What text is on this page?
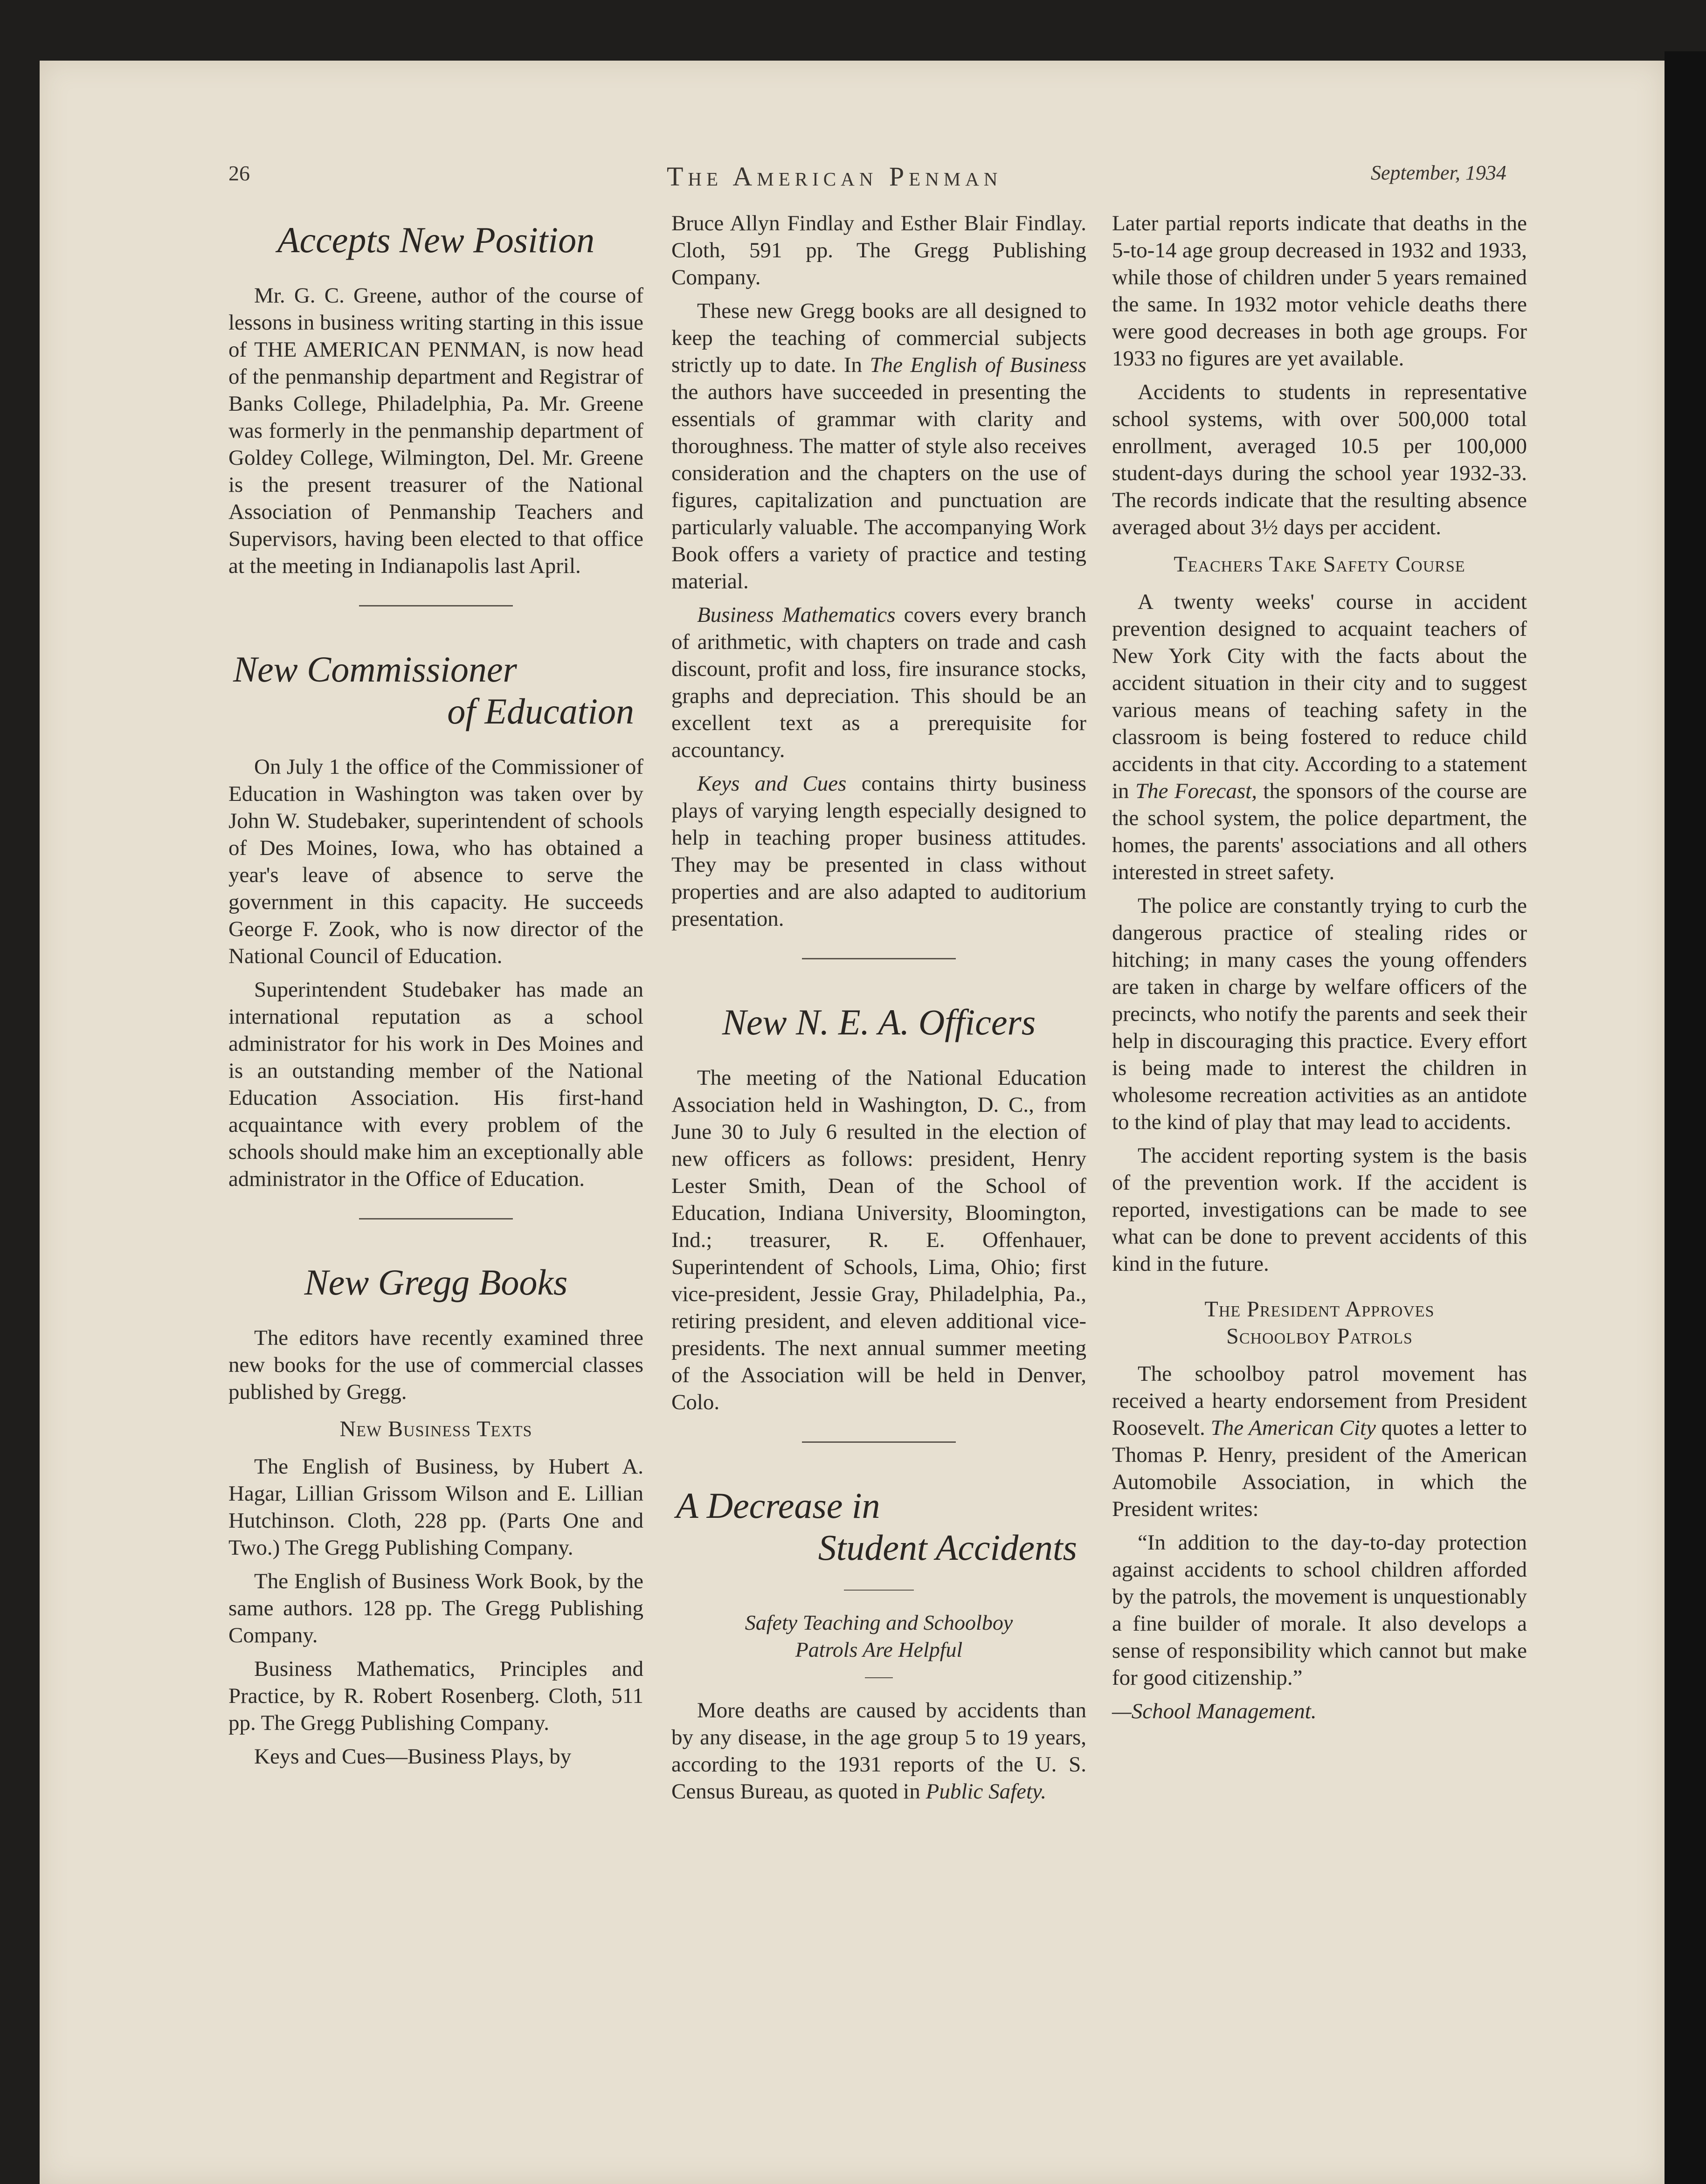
26	The American Penman	September, 1934
Accepts New Position

Mr. G. C. Greene, author of the course of lessons in business writing starting in this issue of THE AMERICAN PENMAN, is now head of the penmanship department and Registrar of Banks College, Philadelphia, Pa. Mr. Greene was formerly in the penmanship department of Goldey College, Wilmington, Del. Mr. Greene is the present treasurer of the National Association of Penmanship Teachers and Supervisors, having been elected to that office at the meeting in Indianapolis last April.

New Commissioner
of Education

On July 1 the office of the Commissioner of Education in Washington was taken over by John W. Studebaker, superintendent of schools of Des Moines, Iowa, who has obtained a year's leave of absence to serve the government in this capacity. He succeeds George F. Zook, who is now director of the National Council of Education.

Superintendent Studebaker has made an international reputation as a school administrator for his work in Des Moines and is an outstanding member of the National Education Association. His first-hand acquaintance with every problem of the schools should make him an exceptionally able administrator in the Office of Education.

New Gregg Books

The editors have recently examined three new books for the use of commercial classes published by Gregg.

New Business Texts

The English of Business, by Hubert A. Hagar, Lillian Grissom Wilson and E. Lillian Hutchinson. Cloth, 228 pp. (Parts One and Two.) The Gregg Publishing Company.

The English of Business Work Book, by the same authors. 128 pp. The Gregg Publishing Company.

Business Mathematics, Principles and Practice, by R. Robert Rosenberg. Cloth, 511 pp. The Gregg Publishing Company.

Keys and Cues—Business Plays, by

Bruce Allyn Findlay and Esther Blair Findlay. Cloth, 591 pp. The Gregg Publishing Company.

These new Gregg books are all designed to keep the teaching of commercial subjects strictly up to date. In The English of Business the authors have succeeded in presenting the essentials of grammar with clarity and thoroughness. The matter of style also receives consideration and the chapters on the use of figures, capitalization and punctuation are particularly valuable. The accompanying Work Book offers a variety of practice and testing material.

Business Mathematics covers every branch of arithmetic, with chapters on trade and cash discount, profit and loss, fire insurance stocks, graphs and depreciation. This should be an excellent text as a prerequisite for accountancy.

Keys and Cues contains thirty business plays of varying length especially designed to help in teaching proper business attitudes. They may be presented in class without properties and are also adapted to auditorium presentation.

New N. E. A. Officers

The meeting of the National Education Association held in Washington, D. C., from June 30 to July 6 resulted in the election of new officers as follows: president, Henry Lester Smith, Dean of the School of Education, Indiana University, Bloomington, Ind.; treasurer, R. E. Offenhauer, Superintendent of Schools, Lima, Ohio; first vice-president, Jessie Gray, Philadelphia, Pa., retiring president, and eleven additional vice-presidents. The next annual summer meeting of the Association will be held in Denver, Colo.

A Decrease in
Student Accidents
Safety Teaching and Schoolboy
Patrols Are Helpful

More deaths are caused by accidents than by any disease, in the age group 5 to 19 years, according to the 1931 reports of the U. S. Census Bureau, as quoted in Public Safety.

Later partial reports indicate that deaths in the 5-to-14 age group decreased in 1932 and 1933, while those of children under 5 years remained the same. In 1932 motor vehicle deaths there were good decreases in both age groups. For 1933 no figures are yet available.

Accidents to students in representative school systems, with over 500,000 total enrollment, averaged 10.5 per 100,000 student-days during the school year 1932-33. The records indicate that the resulting absence averaged about 3½ days per accident.

Teachers Take Safety Course

A twenty weeks' course in accident prevention designed to acquaint teachers of New York City with the facts about the accident situation in their city and to suggest various means of teaching safety in the classroom is being fostered to reduce child accidents in that city. According to a statement in The Forecast, the sponsors of the course are the school system, the police department, the homes, the parents' associations and all others interested in street safety.

The police are constantly trying to curb the dangerous practice of stealing rides or hitching; in many cases the young offenders are taken in charge by welfare officers of the precincts, who notify the parents and seek their help in discouraging this practice. Every effort is being made to interest the children in wholesome recreation activities as an antidote to the kind of play that may lead to accidents.

The accident reporting system is the basis of the prevention work. If the accident is reported, investigations can be made to see what can be done to prevent accidents of this kind in the future.

The President Approves
Schoolboy Patrols

The schoolboy patrol movement has received a hearty endorsement from President Roosevelt. The American City quotes a letter to Thomas P. Henry, president of the American Automobile Association, in which the President writes:

“In addition to the day-to-day protection against accidents to school children afforded by the patrols, the movement is unquestionably a fine builder of morale. It also develops a sense of responsibility which cannot but make for good citizenship.”

—School Management.
